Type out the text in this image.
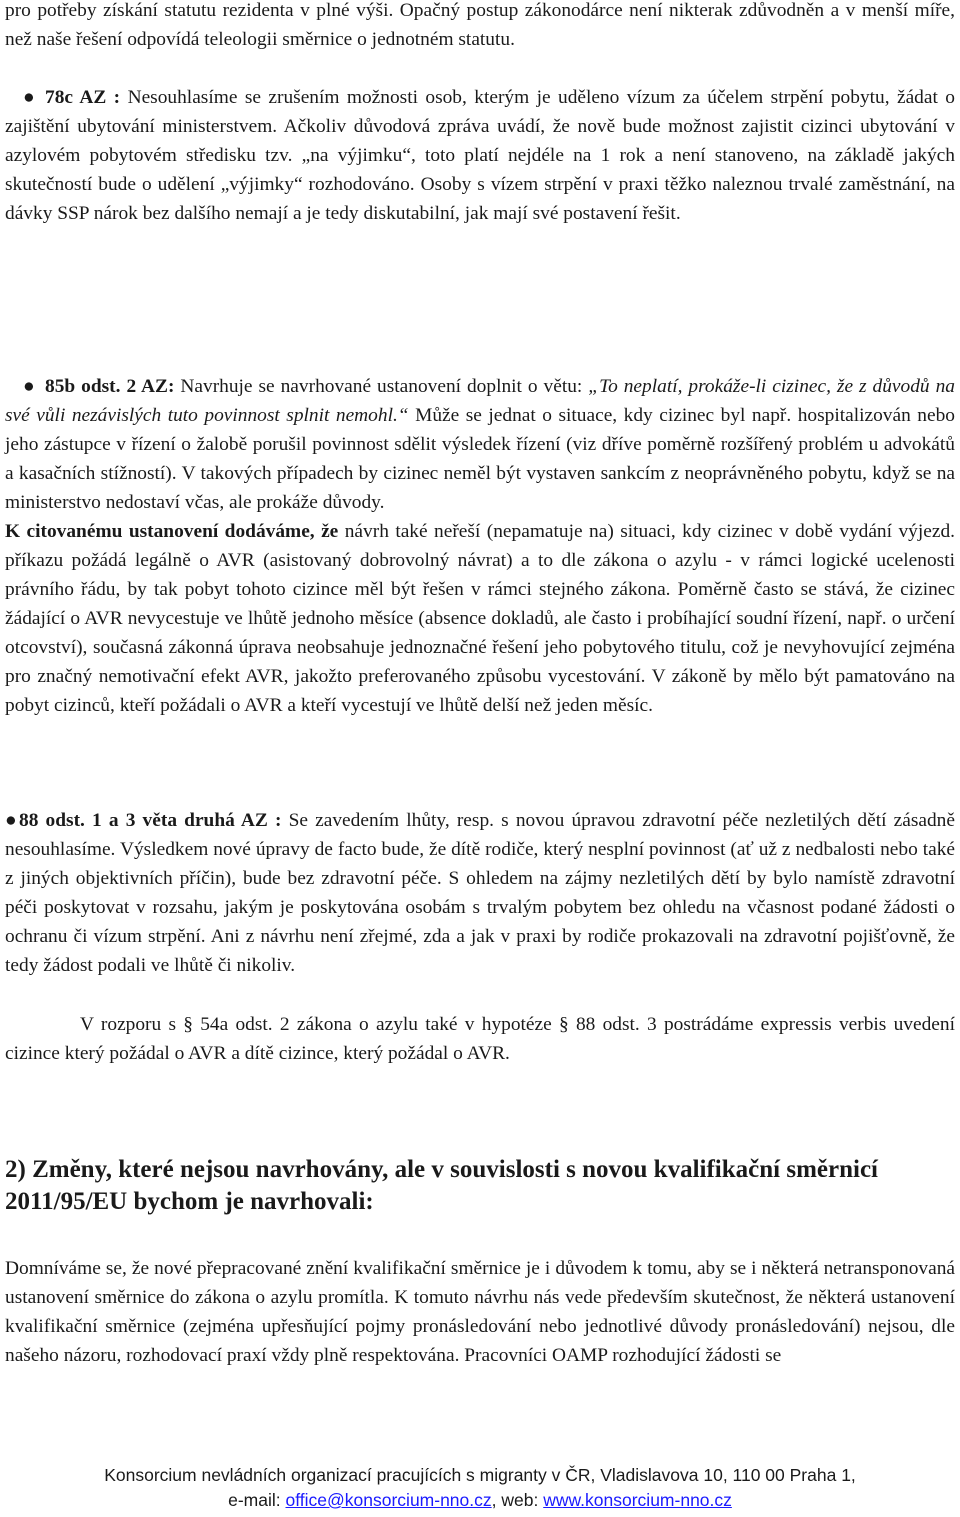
pro potřeby získání statutu rezidenta v plné výši. Opačný postup zákonodárce není nikterak zdůvodněn a v menší míře, než naše řešení odpovídá teleologii směrnice o jednotném statutu.

● 78c AZ : Nesouhlasíme se zrušením možnosti osob, kterým je uděleno vízum za účelem strpění pobytu, žádat o zajištění ubytování ministerstvem. Ačkoliv důvodová zpráva uvádí, že nově bude možnost zajistit cizinci ubytování v azylovém pobytovém středisku tzv. „na výjimku“, toto platí nejdéle na 1 rok a není stanoveno, na základě jakých skutečností bude o udělení „výjimky“ rozhodováno. Osoby s vízem strpění v praxi těžko naleznou trvalé zaměstnání, na dávky SSP nárok bez dalšího nemají a je tedy diskutabilní, jak mají své postavení řešit.

● 85b odst. 2 AZ: Navrhuje se navrhované ustanovení doplnit o větu: „To neplatí, prokáže-li cizinec, že z důvodů na své vůli nezávislých tuto povinnost splnit nemohl.“ Může se jednat o situace, kdy cizinec byl např. hospitalizován nebo jeho zástupce v řízení o žalobě porušil povinnost sdělit výsledek řízení (viz dříve poměrně rozšířený problém u advokátů a kasačních stížností). V takových případech by cizinec neměl být vystaven sankcím z neoprávněného pobytu, když se na ministerstvo nedostaví včas, ale prokáže důvody.

K citovanému ustanovení dodáváme, že návrh také neřeší (nepamatuje na) situaci, kdy cizinec v době vydání výjezd. příkazu požádá legálně o AVR (asistovaný dobrovolný návrat) a to dle zákona o azylu - v rámci logické ucelenosti právního řádu, by tak pobyt tohoto cizince měl být řešen v rámci stejného zákona. Poměrně často se stává, že cizinec žádající o AVR nevycestuje ve lhůtě jednoho měsíce (absence dokladů, ale často i probíhající soudní řízení, např. o určení otcovství), současná zákonná úprava neobsahuje jednoznačné řešení jeho pobytového titulu, což je nevyhovující zejména pro značný nemotivační efekt AVR, jakožto preferovaného způsobu vycestování. V zákoně by mělo být pamatováno na pobyt cizinců, kteří požádali o AVR a kteří vycestují ve lhůtě delší než jeden měsíc.

●88 odst. 1 a 3 věta druhá AZ : Se zavedením lhůty, resp. s novou úpravou zdravotní péče nezletilých dětí zásadně nesouhlasíme. Výsledkem nové úpravy de facto bude, že dítě rodiče, který nesplní povinnost (ať už z nedbalosti nebo také z jiných objektivních příčin), bude bez zdravotní péče. S ohledem na zájmy nezletilých dětí by bylo namístě zdravotní péči poskytovat v rozsahu, jakým je poskytována osobám s trvalým pobytem bez ohledu na včasnost podané žádosti o ochranu či vízum strpění. Ani z návrhu není zřejmé, zda a jak v praxi by rodiče prokazovali na zdravotní pojišťovně, že tedy žádost podali ve lhůtě či nikoliv.

V rozporu s § 54a odst. 2 zákona o azylu také v hypotéze § 88 odst. 3 postrádáme expressis verbis uvedení cizince který požádal o AVR a dítě cizince, který požádal o AVR.

2) Změny, které nejsou navrhovány, ale v souvislosti s novou kvalifikační směrnicí 2011/95/EU bychom je navrhovali:

Domníváme se, že nové přepracované znění kvalifikační směrnice je i důvodem k tomu, aby se i některá netransponovaná ustanovení směrnice do zákona o azylu promítla. K tomuto návrhu nás vede především skutečnost, že některá ustanovení kvalifikační směrnice (zejména upřesňující pojmy pronásledování nebo jednotlivé důvody pronásledování) nejsou, dle našeho názoru, rozhodovací praxí vždy plně respektována. Pracovníci OAMP rozhodující žádosti se

Konsorcium nevládních organizací pracujících s migranty v ČR, Vladislavova 10, 110 00 Praha 1,
e-mail: office@konsorcium-nno.cz, web: www.konsorcium-nno.cz
